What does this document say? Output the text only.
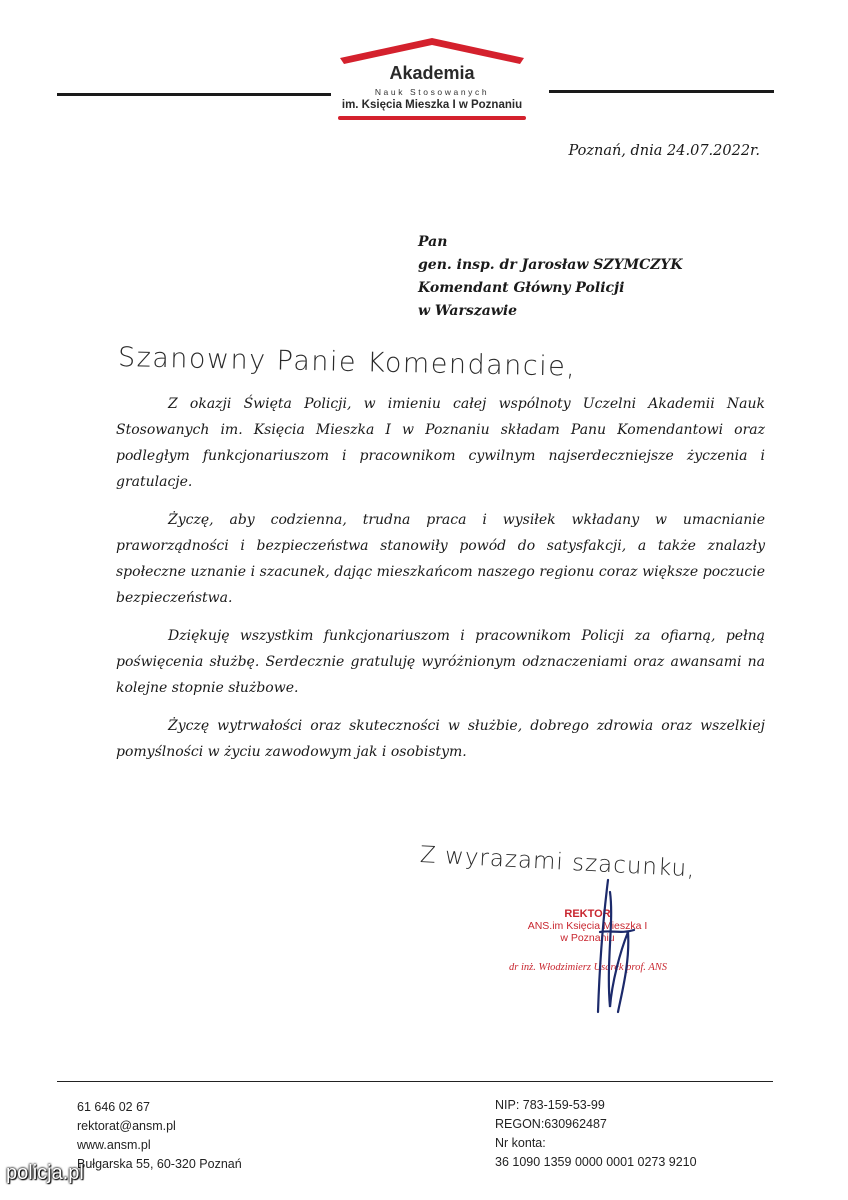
Akademia
Nauk Stosowanych
im. Księcia Mieszka I w Poznaniu
Poznań, dnia 24.07.2022r.
Pan
gen. insp. dr Jarosław SZYMCZYK
Komendant Główny Policji
w Warszawie
Szanowny Panie Komendancie,

Z okazji Święta Policji, w imieniu całej wspólnoty Uczelni Akademii Nauk Stosowanych im. Księcia Mieszka I w Poznaniu składam Panu Komendantowi oraz podległym funkcjonariuszom i pracownikom cywilnym najserdeczniejsze życzenia i gratulacje.

Życzę, aby codzienna, trudna praca i wysiłek wkładany w umacnianie praworządności i bezpieczeństwa stanowiły powód do satysfakcji, a także znalazły społeczne uznanie i szacunek, dając mieszkańcom naszego regionu coraz większe poczucie bezpieczeństwa.

Dziękuję wszystkim funkcjonariuszom i pracownikom Policji za ofiarną, pełną poświęcenia służbę. Serdecznie gratuluję wyróżnionym odznaczeniami oraz awansami na kolejne stopnie służbowe.

Życzę wytrwałości oraz skuteczności w służbie, dobrego zdrowia oraz wszelkiej pomyślności w życiu zawodowym jak i osobistym.

Z wyrazami szacunku,
REKTOR
ANS.im Księcia Mieszka I
w Poznaniu
dr inż. Włodzimierz Usarek prof. ANS
61 646 02 67
rektorat@ansm.pl
www.ansm.pl
Bułgarska 55, 60-320 Poznań
NIP: 783-159-53-99
REGON:630962487
Nr konta:
36 1090 1359 0000 0001 0273 9210
policja.pl
